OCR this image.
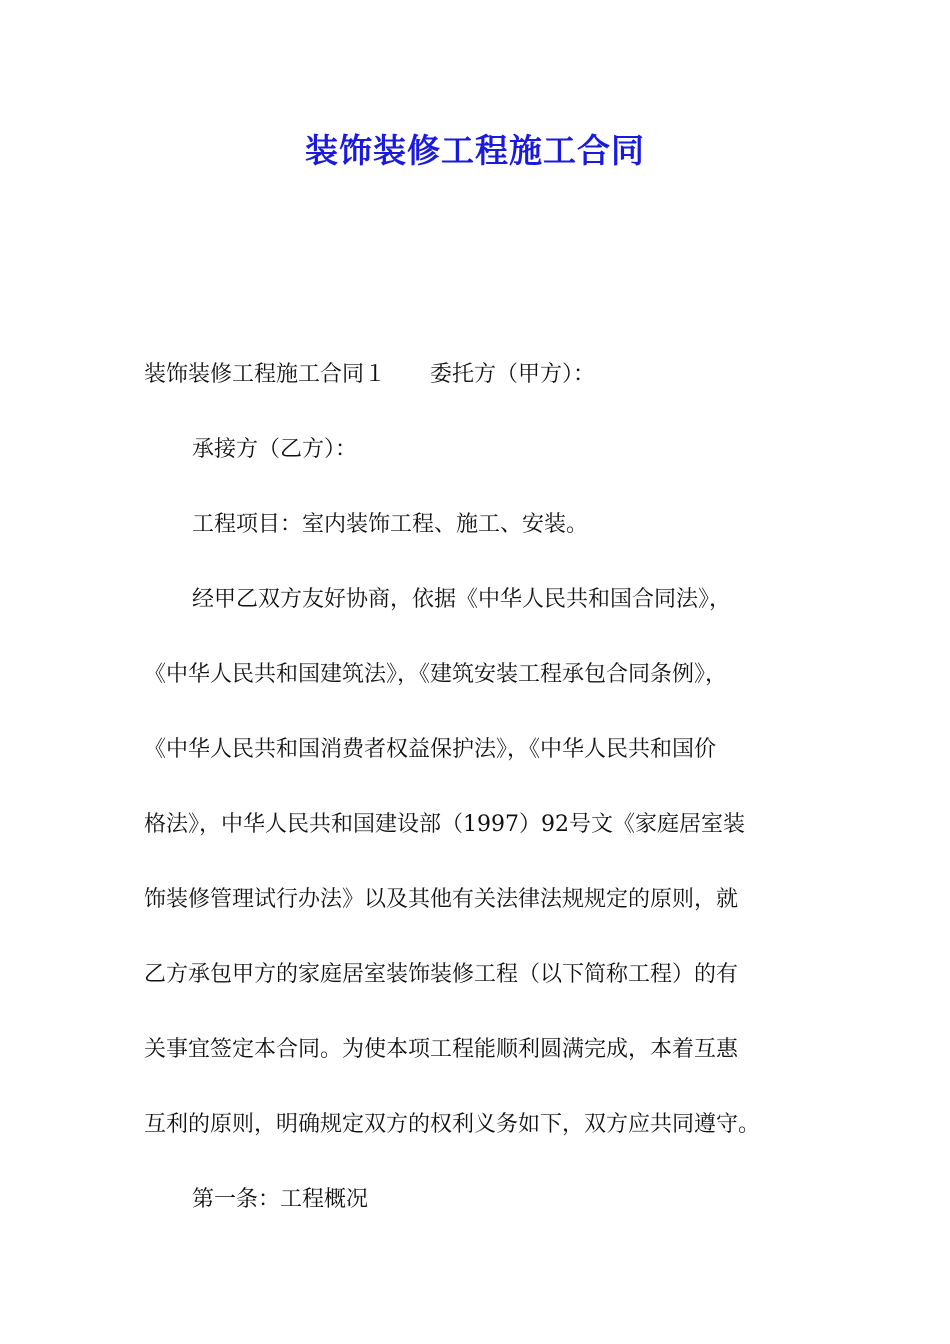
装饰装修工程施工合同
装饰装修工程施工合同１ 委托方（甲方）：
承接方（乙方）：
工程项目：室内装饰工程、施工、安装。
经甲乙双方友好协商，依据《中华人民共和国合同法》，
《中华人民共和国建筑法》，《建筑安装工程承包合同条例》，
《中华人民共和国消费者权益保护法》，《中华人民共和国价
格法》，中华人民共和国建设部（1997）92号文《家庭居室装
饰装修管理试行办法》以及其他有关法律法规规定的原则，就
乙方承包甲方的家庭居室装饰装修工程（以下简称工程）的有
关事宜签定本合同。为使本项工程能顺利圆满完成，本着互惠
互利的原则，明确规定双方的权利义务如下，双方应共同遵守。
第一条：工程概况
